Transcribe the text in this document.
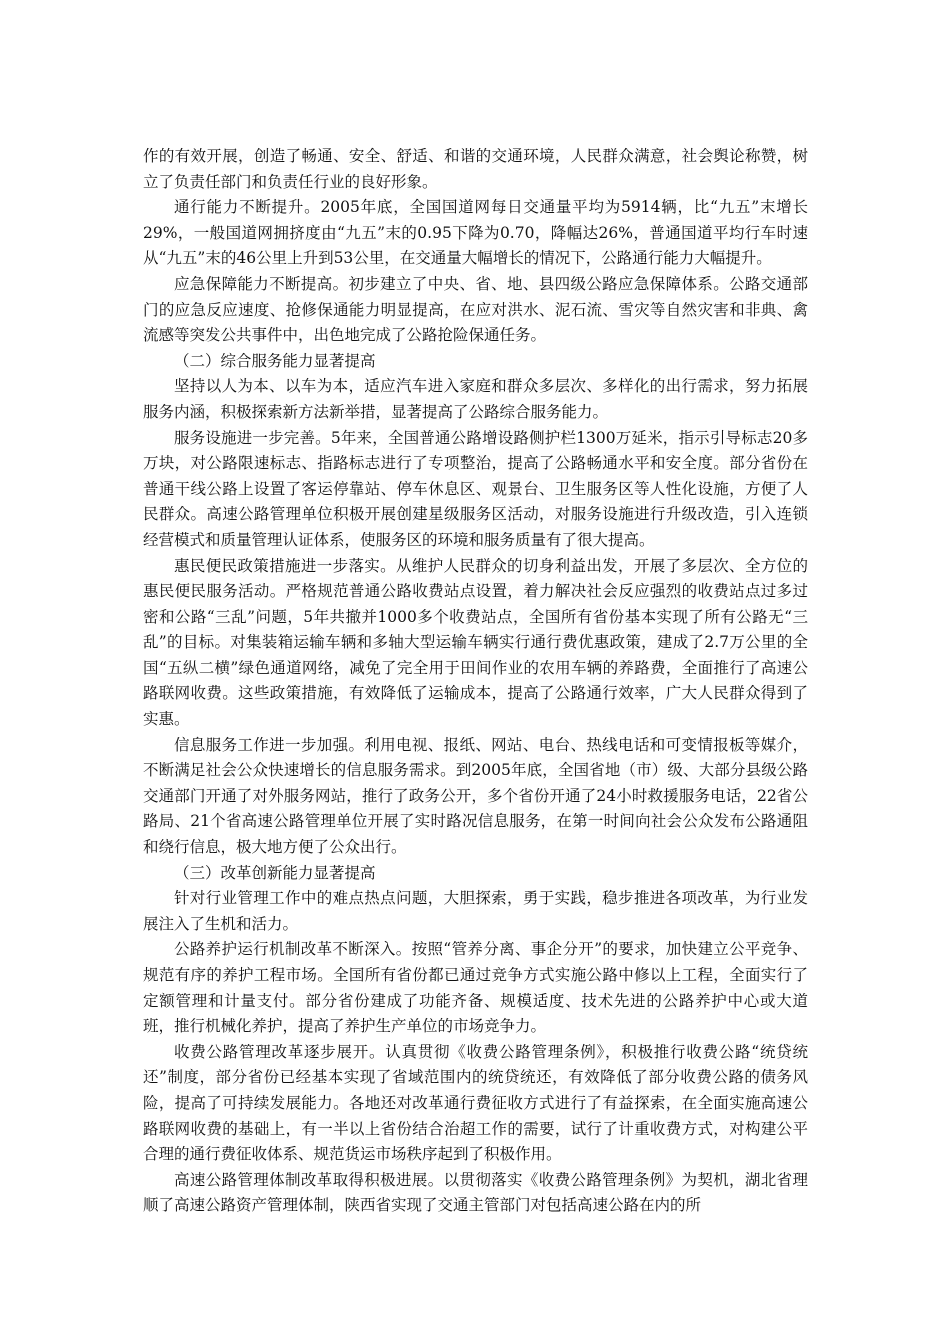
作的有效开展，创造了畅通、安全、舒适、和谐的交通环境，人民群众满意，社会舆论称赞，树立了负责任部门和负责任行业的良好形象。

通行能力不断提升。2005年底，全国国道网每日交通量平均为5914辆，比“九五”末增长29%，一般国道网拥挤度由“九五”末的0.95下降为0.70，降幅达26%，普通国道平均行车时速从“九五”末的46公里上升到53公里，在交通量大幅增长的情况下，公路通行能力大幅提升。

应急保障能力不断提高。初步建立了中央、省、地、县四级公路应急保障体系。公路交通部门的应急反应速度、抢修保通能力明显提高，在应对洪水、泥石流、雪灾等自然灾害和非典、禽流感等突发公共事件中，出色地完成了公路抢险保通任务。

（二）综合服务能力显著提高

坚持以人为本、以车为本，适应汽车进入家庭和群众多层次、多样化的出行需求，努力拓展服务内涵，积极探索新方法新举措，显著提高了公路综合服务能力。

服务设施进一步完善。5年来，全国普通公路增设路侧护栏1300万延米，指示引导标志20多万块，对公路限速标志、指路标志进行了专项整治，提高了公路畅通水平和安全度。部分省份在普通干线公路上设置了客运停靠站、停车休息区、观景台、卫生服务区等人性化设施，方便了人民群众。高速公路管理单位积极开展创建星级服务区活动，对服务设施进行升级改造，引入连锁经营模式和质量管理认证体系，使服务区的环境和服务质量有了很大提高。

惠民便民政策措施进一步落实。从维护人民群众的切身利益出发，开展了多层次、全方位的惠民便民服务活动。严格规范普通公路收费站点设置，着力解决社会反应强烈的收费站点过多过密和公路“三乱”问题，5年共撤并1000多个收费站点，全国所有省份基本实现了所有公路无“三乱”的目标。对集装箱运输车辆和多轴大型运输车辆实行通行费优惠政策，建成了2.7万公里的全国“五纵二横”绿色通道网络，减免了完全用于田间作业的农用车辆的养路费，全面推行了高速公路联网收费。这些政策措施，有效降低了运输成本，提高了公路通行效率，广大人民群众得到了实惠。

信息服务工作进一步加强。利用电视、报纸、网站、电台、热线电话和可变情报板等媒介，不断满足社会公众快速增长的信息服务需求。到2005年底，全国省地（市）级、大部分县级公路交通部门开通了对外服务网站，推行了政务公开，多个省份开通了24小时救援服务电话，22省公路局、21个省高速公路管理单位开展了实时路况信息服务，在第一时间向社会公众发布公路通阻和绕行信息，极大地方便了公众出行。

（三）改革创新能力显著提高

针对行业管理工作中的难点热点问题，大胆探索，勇于实践，稳步推进各项改革，为行业发展注入了生机和活力。

公路养护运行机制改革不断深入。按照“管养分离、事企分开”的要求，加快建立公平竞争、规范有序的养护工程市场。全国所有省份都已通过竞争方式实施公路中修以上工程，全面实行了定额管理和计量支付。部分省份建成了功能齐备、规模适度、技术先进的公路养护中心或大道班，推行机械化养护，提高了养护生产单位的市场竞争力。

收费公路管理改革逐步展开。认真贯彻《收费公路管理条例》，积极推行收费公路“统贷统还”制度，部分省份已经基本实现了省域范围内的统贷统还，有效降低了部分收费公路的债务风险，提高了可持续发展能力。各地还对改革通行费征收方式进行了有益探索，在全面实施高速公路联网收费的基础上，有一半以上省份结合治超工作的需要，试行了计重收费方式，对构建公平合理的通行费征收体系、规范货运市场秩序起到了积极作用。

高速公路管理体制改革取得积极进展。以贯彻落实《收费公路管理条例》为契机，湖北省理顺了高速公路资产管理体制，陕西省实现了交通主管部门对包括高速公路在内的所
